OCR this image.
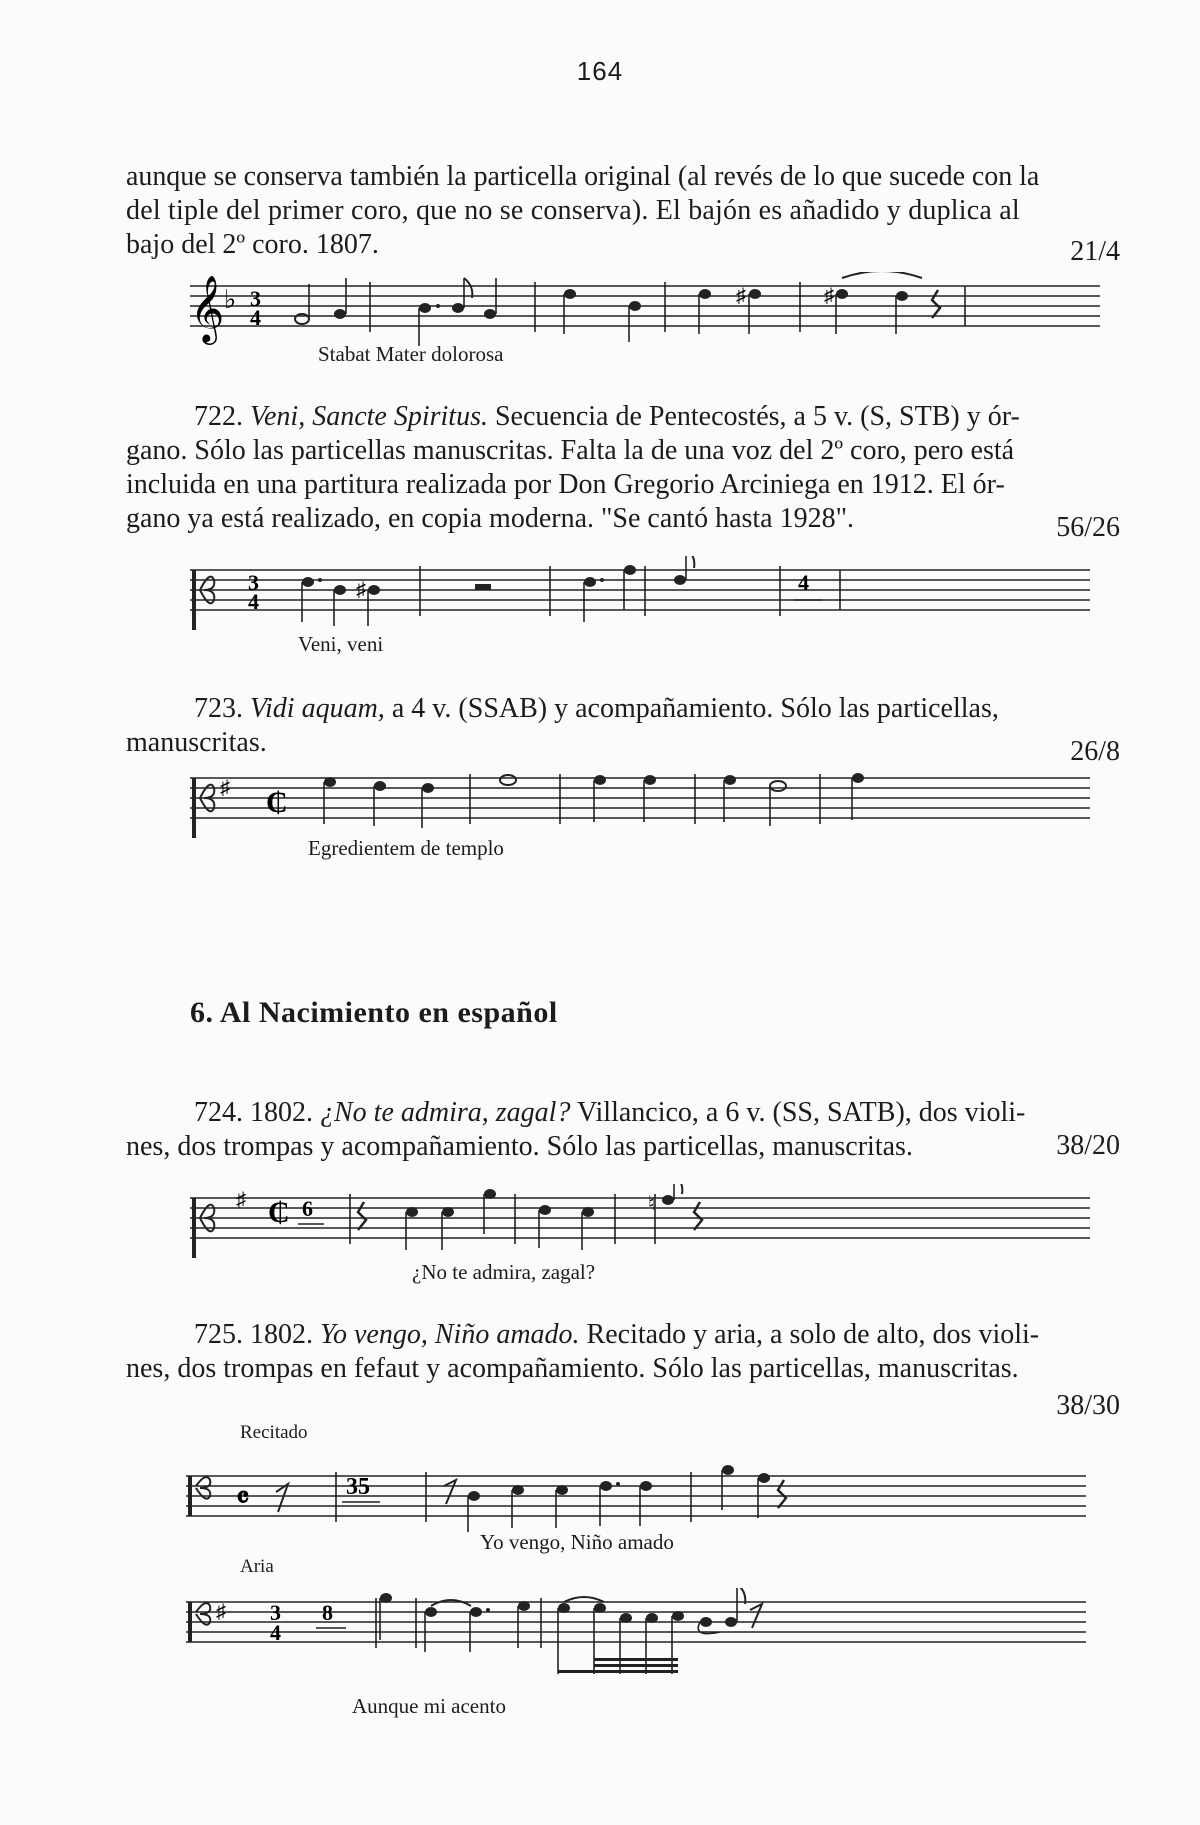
164
aunque se conserva también la particella original (al revés de lo que sucede con la
del tiple del primer coro, que no se conserva). El bajón es añadido y duplica al
bajo del 2º coro. 1807.	21/4
𝄞 ♭ 3
4
♯	♯
Stabat Mater dolorosa
722. Veni, Sancte Spiritus. Secuencia de Pentecostés, a 5 v. (S, STB) y ór-
gano. Sólo las particellas manuscritas. Falta la de una voz del 2º coro, pero está
incluida en una partitura realizada por Don Gregorio Arciniega en 1912. El ór-
gano ya está realizado, en copia moderna. "Se cantó hasta 1928".	56/26
3
4	♯	4
Veni, veni
723. Vidi aquam, a 4 v. (SSAB) y acompañamiento. Sólo las particellas,
manuscritas.	26/8
♯ ₵
Egredientem de templo
6. Al Nacimiento en español
724. 1802. ¿No te admira, zagal? Villancico, a 6 v. (SS, SATB), dos violi-
nes, dos trompas y acompañamiento. Sólo las particellas, manuscritas.	38/20
♯ ₵ 6	♮
¿No te admira, zagal?
725. 1802. Yo vengo, Niño amado. Recitado y aria, a solo de alto, dos violi-
nes, dos trompas en fefaut y acompañamiento. Sólo las particellas, manuscritas.
38/30
Recitado
𝄴	35
Yo vengo, Niño amado
Aria
♯ 3
4
8
Aunque mi acento
